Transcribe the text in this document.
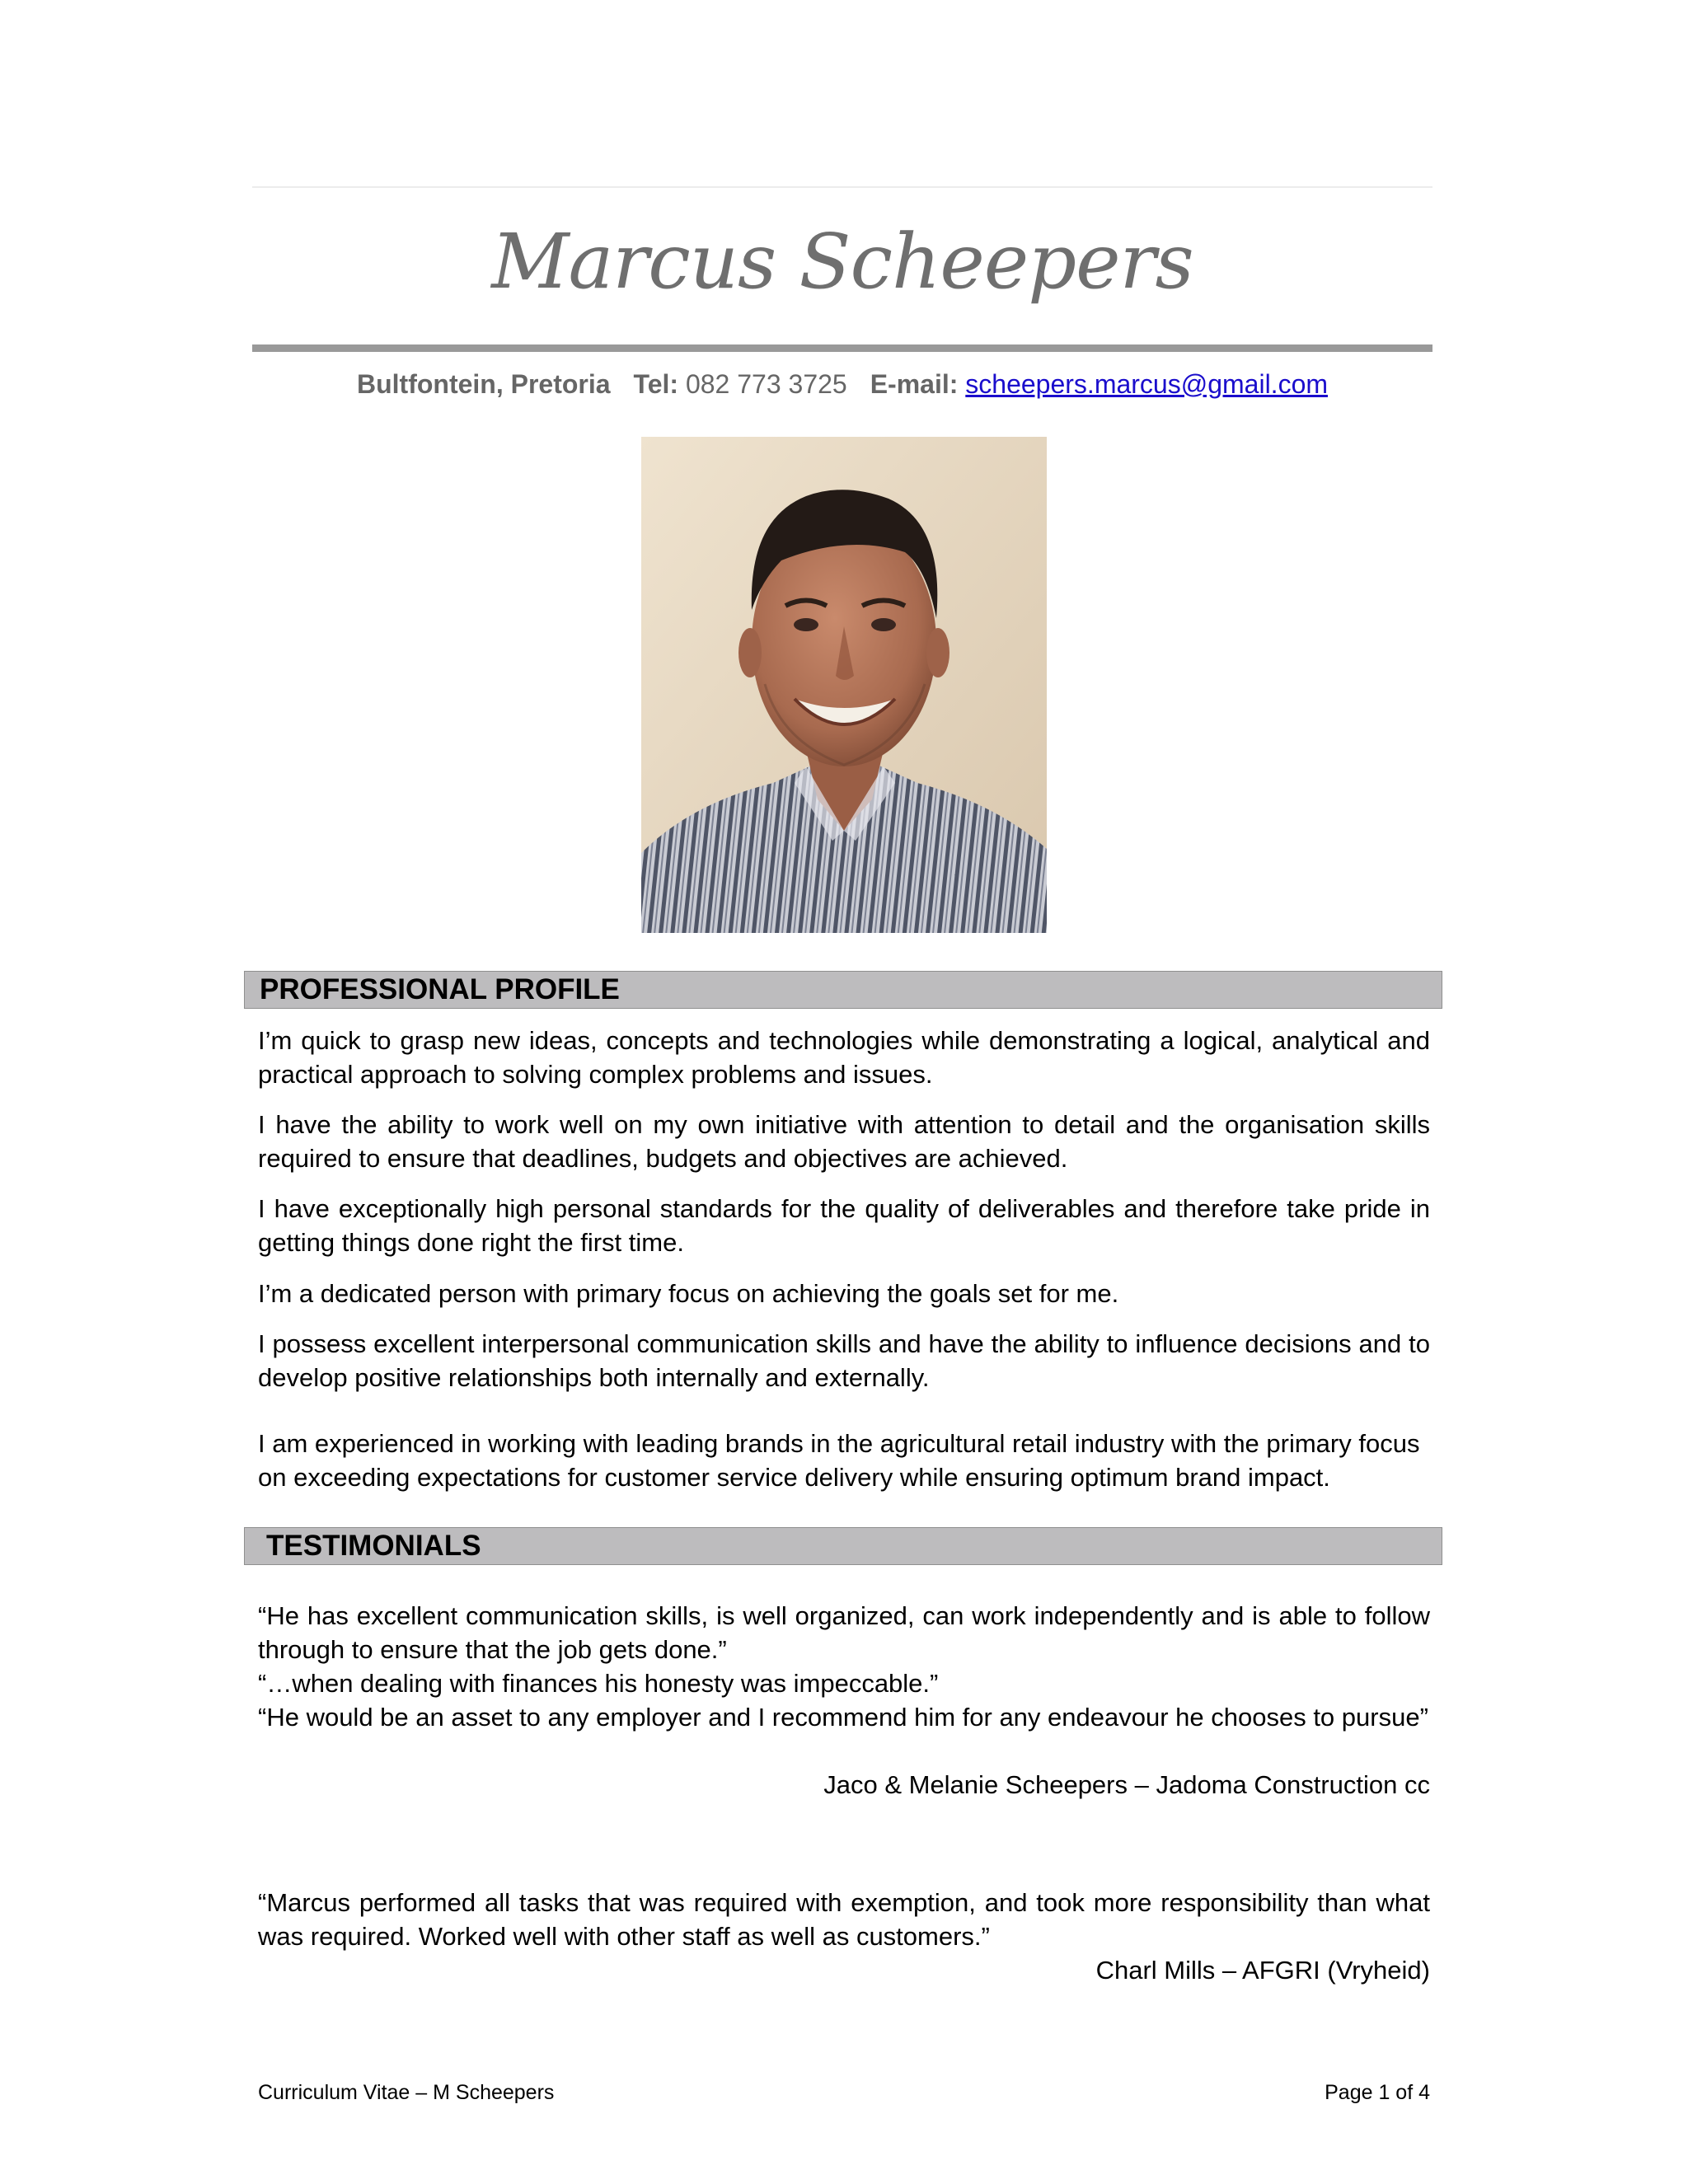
Marcus Scheepers
Bultfontein, Pretoria Tel: 082 773 3725 E-mail: scheepers.marcus@gmail.com
PROFESSIONAL PROFILE

I’m quick to grasp new ideas, concepts and technologies while demonstrating a logical, analytical and practical approach to solving complex problems and issues.

I have the ability to work well on my own initiative with attention to detail and the organisation skills required to ensure that deadlines, budgets and objectives are achieved.

I have exceptionally high personal standards for the quality of deliverables and therefore take pride in getting things done right the first time.

I’m a dedicated person with primary focus on achieving the goals set for me.

I possess excellent interpersonal communication skills and have the ability to influence decisions and to develop positive relationships both internally and externally.

I am experienced in working with leading brands in the agricultural retail industry with the primary focus on exceeding expectations for customer service delivery while ensuring optimum brand impact.

TESTIMONIALS

“He has excellent communication skills, is well organized, can work independently and is able to follow through to ensure that the job gets done.”

“…when dealing with finances his honesty was impeccable.”

“He would be an asset to any employer and I recommend him for any endeavour he chooses to pursue”

Jaco & Melanie Scheepers – Jadoma Construction cc

“Marcus performed all tasks that was required with exemption, and took more responsibility than what was required. Worked well with other staff as well as customers.”

Charl Mills – AFGRI (Vryheid)
Curriculum Vitae – M Scheepers	Page 1 of 4
